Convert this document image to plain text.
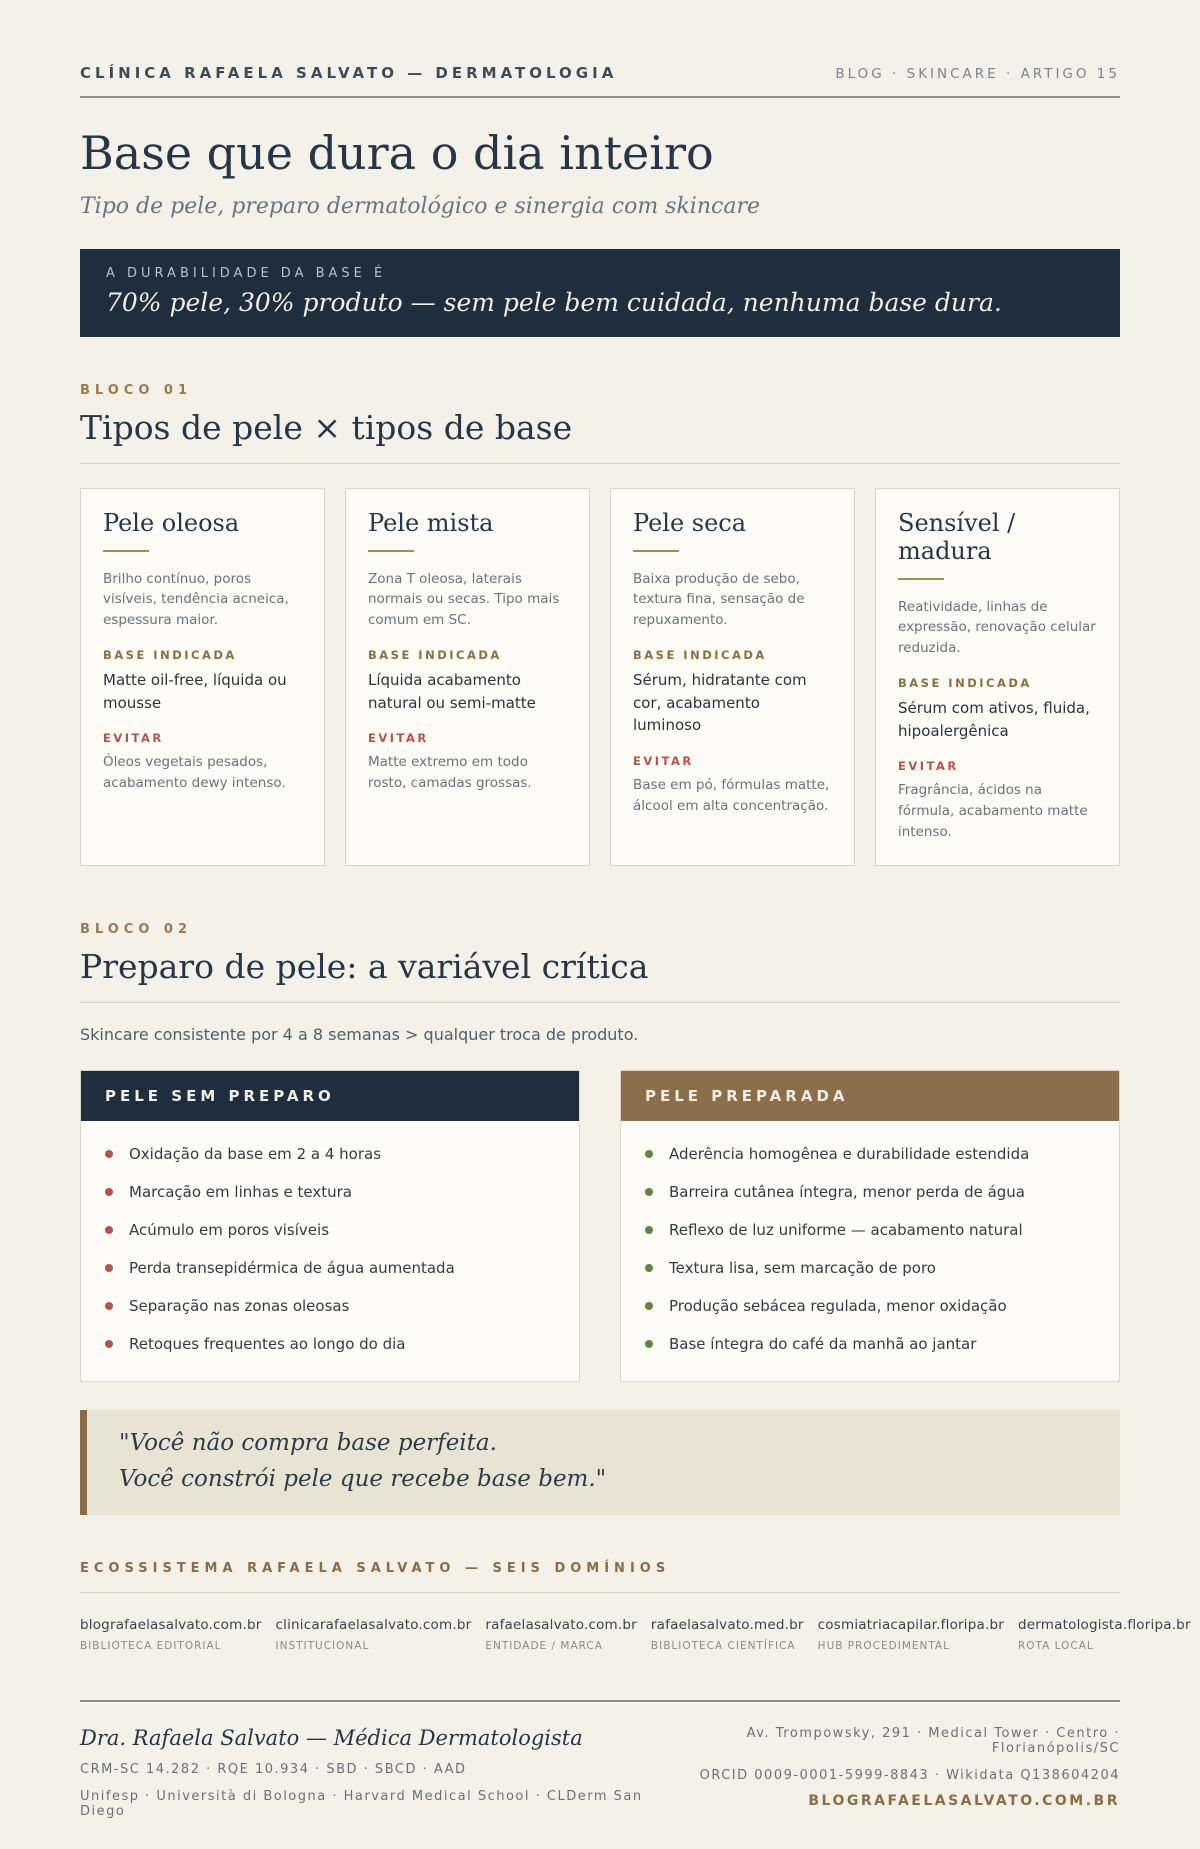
CLÍNICA RAFAELA SALVATO — DERMATOLOGIA	BLOG · SKINCARE · ARTIGO 15
Base que dura o dia inteiro
Tipo de pele, preparo dermatológico e sinergia com skincare
A DURABILIDADE DA BASE É
70% pele, 30% produto — sem pele bem cuidada, nenhuma base dura.
BLOCO 01
Tipos de pele × tipos de base
Pele oleosa
Brilho contínuo, poros visíveis, tendência acneica, espessura maior.
BASE INDICADA
Matte oil-free, líquida ou mousse
EVITAR
Óleos vegetais pesados, acabamento dewy intenso.
Pele mista
Zona T oleosa, laterais normais ou secas. Tipo mais comum em SC.
BASE INDICADA
Líquida acabamento natural ou semi-matte
EVITAR
Matte extremo em todo rosto, camadas grossas.
Pele seca
Baixa produção de sebo, textura fina, sensação de repuxamento.
BASE INDICADA
Sérum, hidratante com cor, acabamento luminoso
EVITAR
Base em pó, fórmulas matte, álcool em alta concentração.
Sensível / madura
Reatividade, linhas de expressão, renovação celular reduzida.
BASE INDICADA
Sérum com ativos, fluida, hipoalergênica
EVITAR
Fragrância, ácidos na fórmula, acabamento matte intenso.
BLOCO 02
Preparo de pele: a variável crítica
Skincare consistente por 4 a 8 semanas > qualquer troca de produto.
PELE SEM PREPARO
Oxidação da base em 2 a 4 horas
Marcação em linhas e textura
Acúmulo em poros visíveis
Perda transepidérmica de água aumentada
Separação nas zonas oleosas
Retoques frequentes ao longo do dia
PELE PREPARADA
Aderência homogênea e durabilidade estendida
Barreira cutânea íntegra, menor perda de água
Reflexo de luz uniforme — acabamento natural
Textura lisa, sem marcação de poro
Produção sebácea regulada, menor oxidação
Base íntegra do café da manhã ao jantar

"Você não compra base perfeita.

Você constrói pele que recebe base bem."

ECOSSISTEMA RAFAELA SALVATO — SEIS DOMÍNIOS
blografaelasalvato.com.br
BIBLIOTECA EDITORIAL
clinicarafaelasalvato.com.br
INSTITUCIONAL
rafaelasalvato.com.br
ENTIDADE / MARCA
rafaelasalvato.med.br
BIBLIOTECA CIENTÍFICA
cosmiatriacapilar.floripa.br
HUB PROCEDIMENTAL
dermatologista.floripa.br
ROTA LOCAL
Dra. Rafaela Salvato — Médica Dermatologista
CRM-SC 14.282 · RQE 10.934 · SBD · SBCD · AAD
Unifesp · Università di Bologna · Harvard Medical School · CLDerm San Diego
Av. Trompowsky, 291 · Medical Tower · Centro · Florianópolis/SC
ORCID 0009-0001-5999-8843 · Wikidata Q138604204
BLOGRAFAELASALVATO.COM.BR
